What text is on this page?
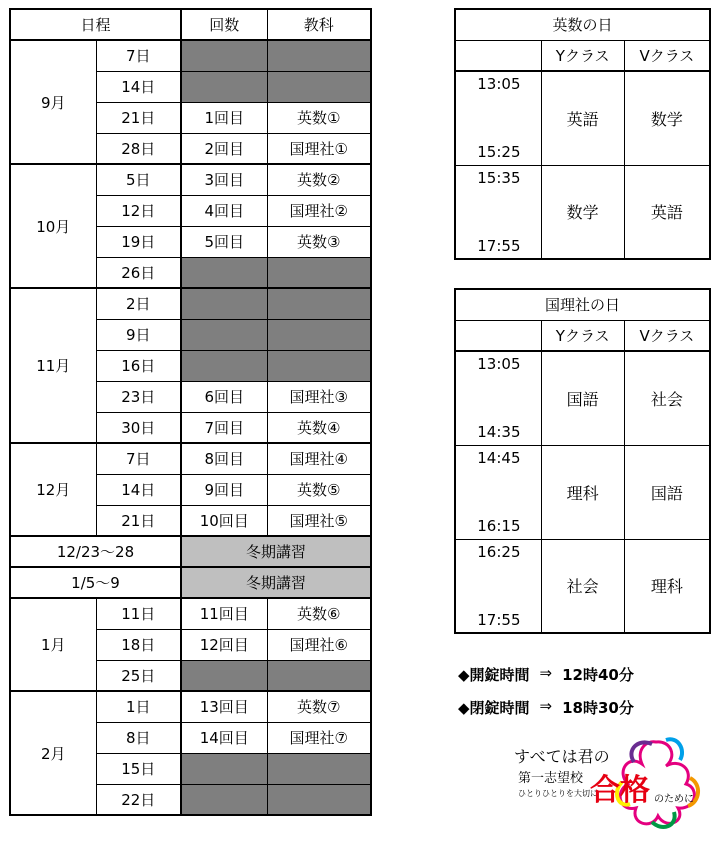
日程		回数	教科
9月	7日		
	14日		
	21日	1回目	英数①
	28日	2回目	国理社①
10月	5日	3回目	英数②
	12日	4回目	国理社②
	19日	5回目	英数③
	26日		
11月	2日		
	9日		
	16日		
	23日	6回目	国理社③
	30日	7回目	英数④
12月	7日	8回目	国理社④
	14日	9回目	英数⑤
	21日	10回目	国理社⑤
12/23～28		冬期講習	
1/5～9		冬期講習	
1月	11日	11回目	英数⑥
	18日	12回目	国理社⑥
	25日		
2月	1日	13回目	英数⑦
	8日	14回目	国理社⑦
	15日		
	22日		
英数の日		
	Yクラス	Vクラス

13:05
15:25	英語	数学

15:35
17:55	数学	英語
国理社の日		
	Yクラス	Vクラス

13:05
14:35	国語	社会

14:45
16:15	理科	国語

16:25
17:55	社会	理科
◆開錠時間 ⇒ 12時40分
◆閉錠時間 ⇒ 18時30分
すべては君の
第一志望校
ひとりひとりを大切に
合格 のために
